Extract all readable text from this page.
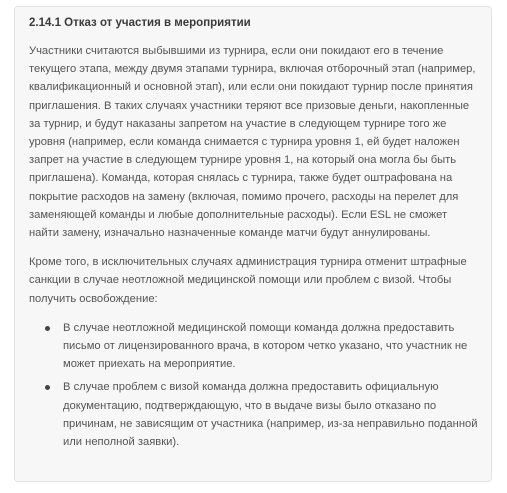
2.14.1 Отказ от участия в мероприятии

Участники считаются выбывшими из турнира, если они покидают его в течение текущего этапа, между двумя этапами турнира, включая отборочный этап (например, квалификационный и основной этап), или если они покидают турнир после принятия приглашения. В таких случаях участники теряют все призовые деньги, накопленные за турнир, и будут наказаны запретом на участие в следующем турнире того же уровня (например, если команда снимается с турнира уровня 1, ей будет наложен запрет на участие в следующем турнире уровня 1, на который она могла бы быть приглашена). Команда, которая снялась с турнира, также будет оштрафована на покрытие расходов на замену (включая, помимо прочего, расходы на перелет для заменяющей команды и любые дополнительные расходы). Если ESL не сможет найти замену, изначально назначенные команде матчи будут аннулированы.

Кроме того, в исключительных случаях администрация турнира отменит штрафные санкции в случае неотложной медицинской помощи или проблем с визой. Чтобы получить освобождение:

В случае неотложной медицинской помощи команда должна предоставить письмо от лицензированного врача, в котором четко указано, что участник не может приехать на мероприятие.
В случае проблем с визой команда должна предоставить официальную документацию, подтверждающую, что в выдаче визы было отказано по причинам, не зависящим от участника (например, из-за неправильно поданной или неполной заявки).
